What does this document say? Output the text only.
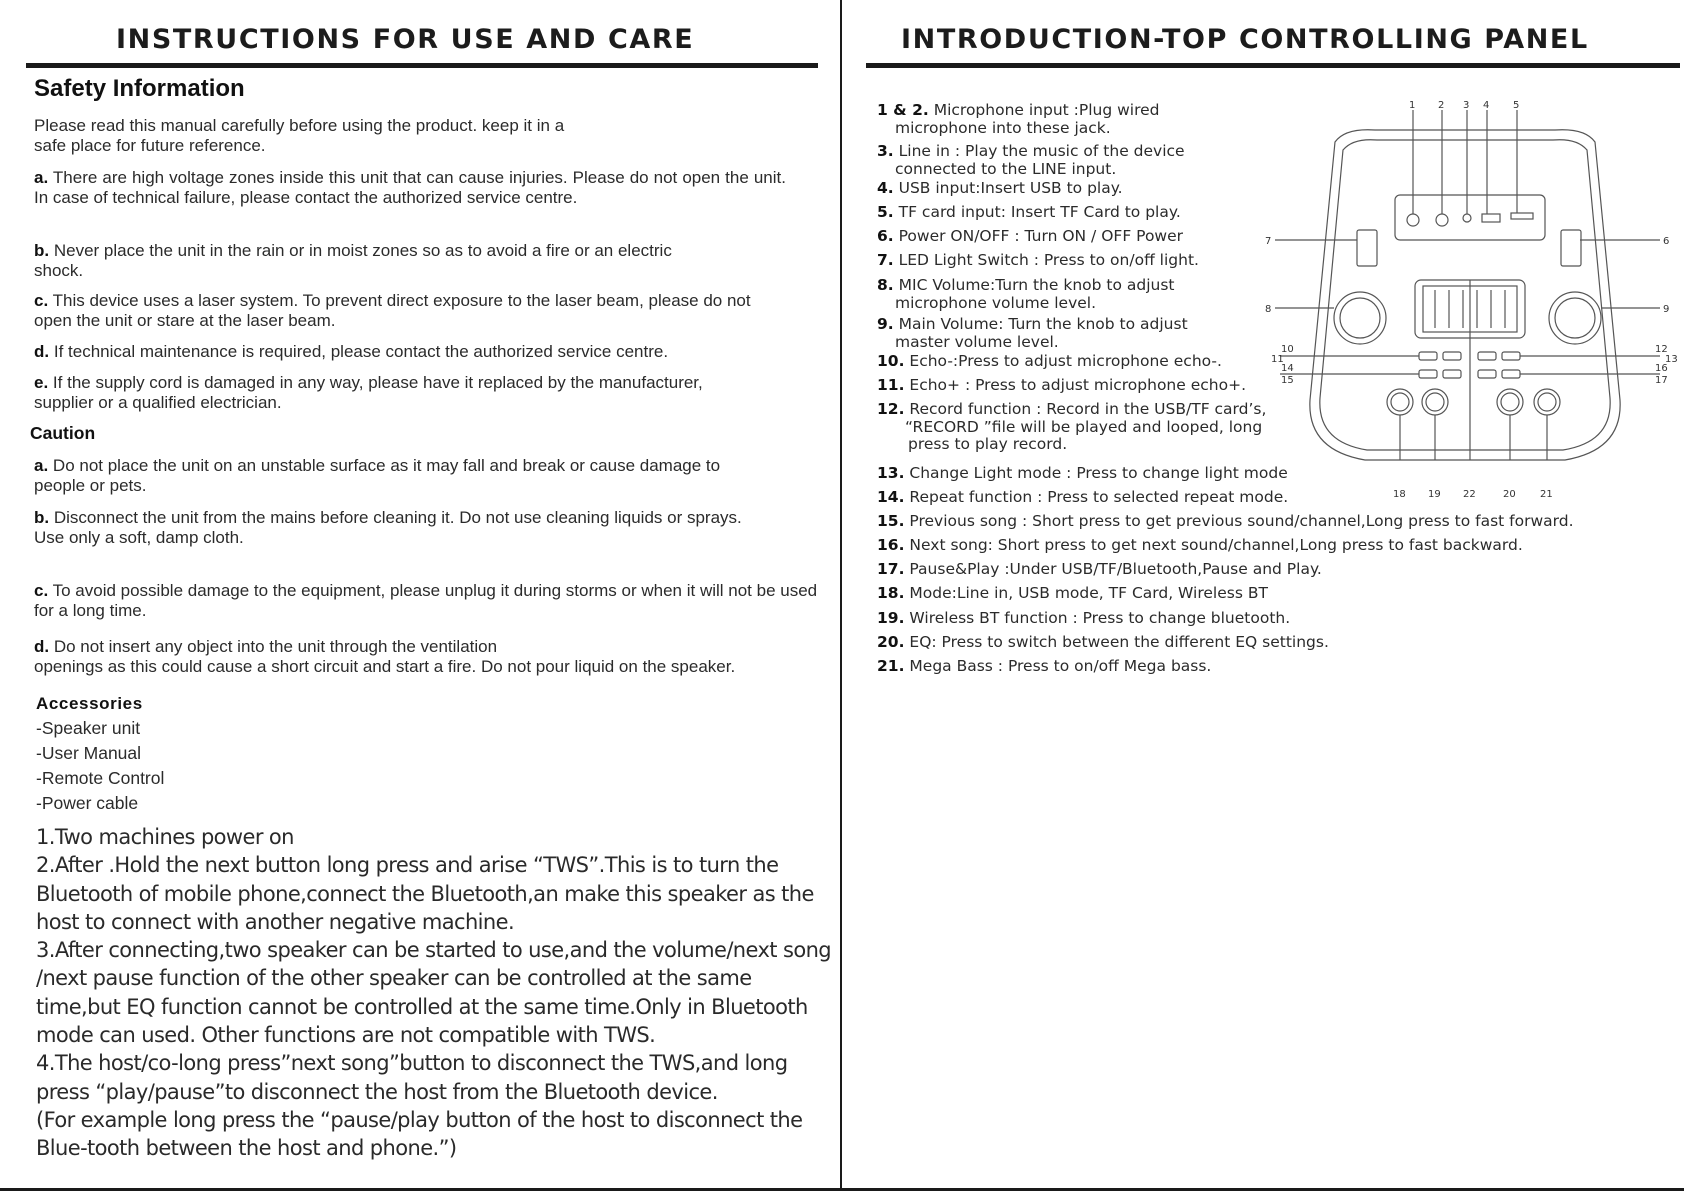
INSTRUCTIONS FOR USE AND CARE
Safety Information

Please read this manual carefully before using the product. keep it in a safe place for future reference.

a. There are high voltage zones inside this unit that can cause injuries. Please do not open the unit. In case of technical failure, please contact the authorized service centre.

b. Never place the unit in the rain or in moist zones so as to avoid a fire or an electric shock.

c. This device uses a laser system. To prevent direct exposure to the laser beam, please do not open the unit or stare at the laser beam.

d. If technical maintenance is required, please contact the authorized service centre.

e. If the supply cord is damaged in any way, please have it replaced by the manufacturer, supplier or a qualified electrician.

Caution

a. Do not place the unit on an unstable surface as it may fall and break or cause damage to people or pets.

b. Disconnect the unit from the mains before cleaning it. Do not use cleaning liquids or sprays.
Use only a soft, damp cloth.

c. To avoid possible damage to the equipment, please unplug it during storms or when it will not be used for a long time.

d. Do not insert any object into the unit through the ventilation
openings as this could cause a short circuit and start a fire. Do not pour liquid on the speaker.

Accessories
-Speaker unit
-User Manual
-Remote Control
-Power cable

1.Two machines power on

2.After .Hold the next button long press and arise “TWS”.This is to turn the Bluetooth of mobile phone,connect the Bluetooth,an make this speaker as the host to connect with another negative machine.

3.After connecting,two speaker can be started to use,and the volume/next song /next pause function of the other speaker can be controlled at the same time,but EQ function cannot be controlled at the same time.Only in Bluetooth mode can used. Other functions are not compatible with TWS.

4.The host/co-long press”next song”button to disconnect the TWS,and long press “play/pause”to disconnect the host from the Bluetooth device.

(For example long press the “pause/play button of the host to disconnect the Blue-tooth between the host and phone.”)

INTRODUCTION-TOP CONTROLLING PANEL
1 & 2. Microphone input :Plug wired
microphone into these jack.
3. Line in : Play the music of the device
connected to the LINE input.
4. USB input:Insert USB to play.
5. TF card input: Insert TF Card to play.
6. Power ON/OFF : Turn ON / OFF Power
7. LED Light Switch : Press to on/off light.
8. MIC Volume:Turn the knob to adjust
microphone volume level.
9. Main Volume: Turn the knob to adjust
master volume level.
10. Echo-:Press to adjust microphone echo-.
11. Echo+ : Press to adjust microphone echo+.
12. Record function : Record in the USB/TF card’s,
“RECORD ”file will be played and looped, long
press to play record.
13. Change Light mode : Press to change light mode
14. Repeat function : Press to selected repeat mode.
15. Previous song : Short press to get previous sound/channel,Long press to fast forward.
16. Next song: Short press to get next sound/channel,Long press to fast backward.
17. Pause&Play :Under USB/TF/Bluetooth,Pause and Play.
18. Mode:Line in, USB mode, TF Card, Wireless BT
19. Wireless BT function : Press to change bluetooth.
20. EQ: Press to switch between the different EQ settings.
21. Mega Bass : Press to on/off Mega bass.
1 2 3 4 5
6
7
8	9
10
11
12
13
14
15
16
17
18 19 22	20 21
